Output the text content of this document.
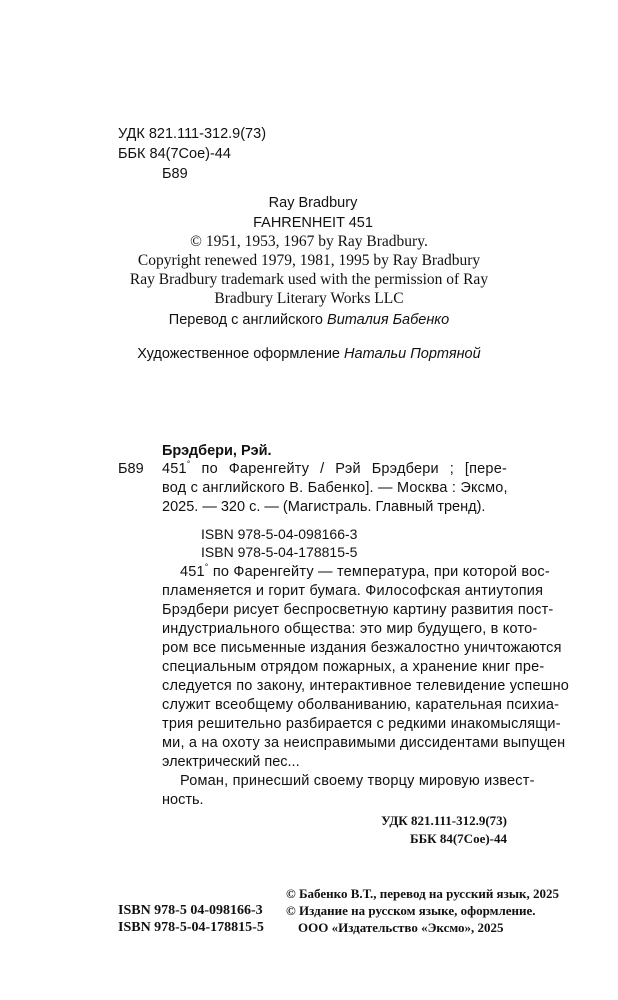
УДК 821.111-312.9(73)
ББК 84(7Сое)-44
Б89
Ray Bradbury
FAHRENHEIT 451
© 1951, 1953, 1967 by Ray Bradbury.
Copyright renewed 1979, 1981, 1995 by Ray Bradbury
Ray Bradbury trademark used with the permission of Ray
Bradbury Literary Works LLC
Перевод с английского Виталия Бабенко
Художественное оформление Натальи Портяной
Брэдбери, Рэй.
Б89 451° по Фаренгейту / Рэй Брэдбери ; [пере-
вод с английского В. Бабенко]. — Москва : Эксмо,
2025. — 320 с. — (Магистраль. Главный тренд).
ISBN 978-5-04-098166-3
ISBN 978-5-04-178815-5
451° по Фаренгейту — температура, при которой вос-
пламеняется и горит бумага. Философская антиутопия
Брэдбери рисует беспросветную картину развития пост-
индустриального общества: это мир будущего, в кото-
ром все письменные издания безжалостно уничтожаются
специальным отрядом пожарных, а хранение книг пре-
следуется по закону, интерактивное телевидение успешно
служит всеобщему оболваниванию, карательная психиа-
трия решительно разбирается с редкими инакомыслящи-
ми, а на охоту за неисправимыми диссидентами выпущен
электрический пес...
Роман, принесший своему творцу мировую извест-
ность.
УДК 821.111-312.9(73)
ББК 84(7Сое)-44
ISBN 978-5 04-098166-3
ISBN 978-5-04-178815-5
© Бабенко В.Т., перевод на русский язык, 2025
© Издание на русском языке, оформление.
ООО «Издательство «Эксмо», 2025
